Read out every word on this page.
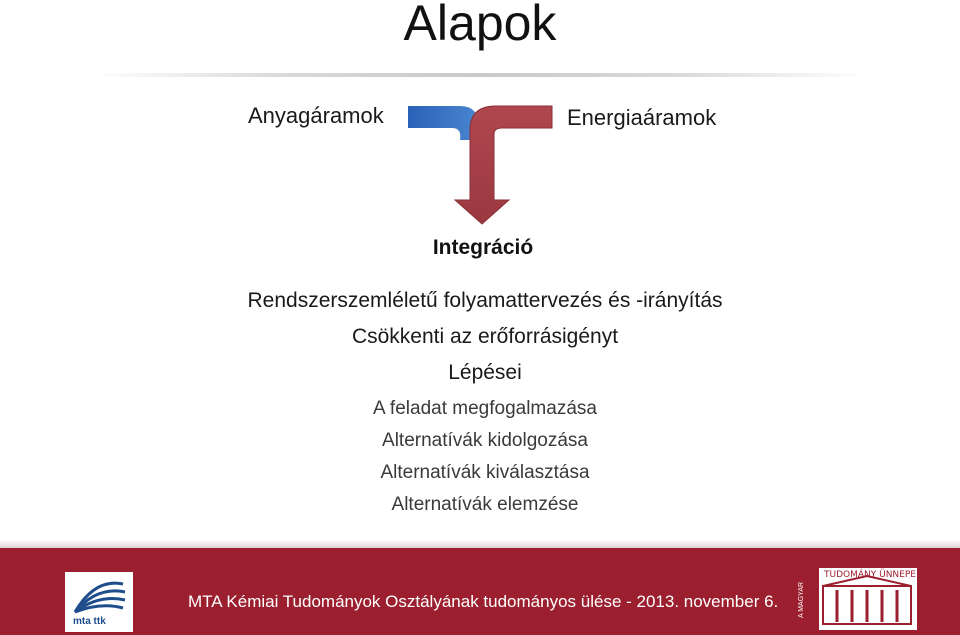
Alapok
Anyagáramok	Energiaáramok
Integráció
Rendszerszemléletű folyamattervezés és -irányítás
Csökkenti az erőforrásigényt
Lépései
A feladat megfogalmazása
Alternatívák kidolgozása
Alternatívák kiválasztása
Alternatívák elemzése
mta ttk
MTA Kémiai Tudományok Osztályának tudományos ülése - 2013. november 6.
TUDOMÁNY ÜNNEPE
A MAGYAR
